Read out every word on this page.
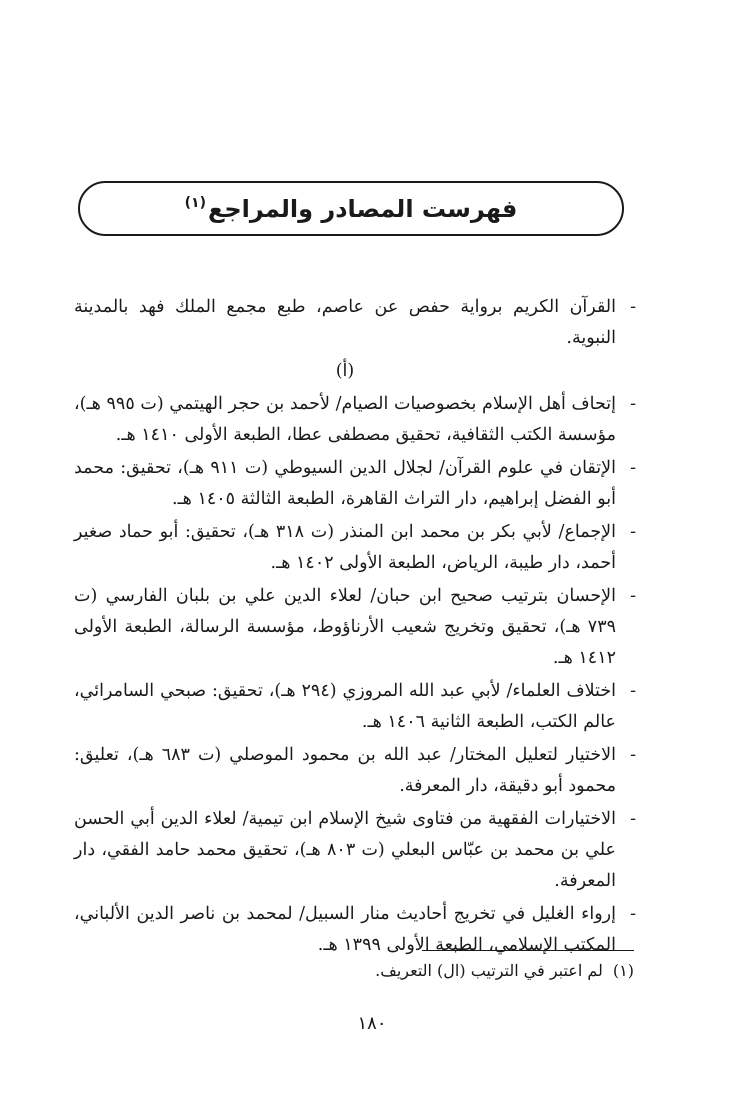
فهرست المصادر والمراجع$^{(١)}$
-
القرآن الكريم برواية حفص عن عاصم، طبع مجمع الملك فهد بالمدينة النبوية.
(أ)
-
إتحاف أهل الإسلام بخصوصيات الصيام/ لأحمد بن حجر الهيتمي (ت ٩٩٥ هـ)، مؤسسة الكتب الثقافية، تحقيق مصطفى عطا، الطبعة الأولى ١٤١٠ هـ.
-
الإتقان في علوم القرآن/ لجلال الدين السيوطي (ت ٩١١ هـ)، تحقيق: محمد أبو الفضل إبراهيم، دار التراث القاهرة، الطبعة الثالثة ١٤٠٥ هـ.
-
الإجماع/ لأبي بكر بن محمد ابن المنذر (ت ٣١٨ هـ)، تحقيق: أبو حماد صغير أحمد، دار طيبة، الرياض، الطبعة الأولى ١٤٠٢ هـ.
-
الإحسان بترتيب صحيح ابن حبان/ لعلاء الدين علي بن بلبان الفارسي (ت ٧٣٩ هـ)، تحقيق وتخريج شعيب الأرناؤوط، مؤسسة الرسالة، الطبعة الأولى ١٤١٢ هـ.
-
اختلاف العلماء/ لأبي عبد الله المروزي (٢٩٤ هـ)، تحقيق: صبحي السامرائي، عالم الكتب، الطبعة الثانية ١٤٠٦ هـ.
-
الاختيار لتعليل المختار/ عبد الله بن محمود الموصلي (ت ٦٨٣ هـ)، تعليق: محمود أبو دقيقة، دار المعرفة.
-
الاختيارات الفقهية من فتاوى شيخ الإسلام ابن تيمية/ لعلاء الدين أبي الحسن علي بن محمد بن عبّاس البعلي (ت ٨٠٣ هـ)، تحقيق محمد حامد الفقي، دار المعرفة.
-
إرواء الغليل في تخريج أحاديث منار السبيل/ لمحمد بن ناصر الدين الألباني، المكتب الإسلامي، الطبعة الأولى ١٣٩٩ هـ.
(١)
لم اعتبر في الترتيب (ال) التعريف.
١٨٠
